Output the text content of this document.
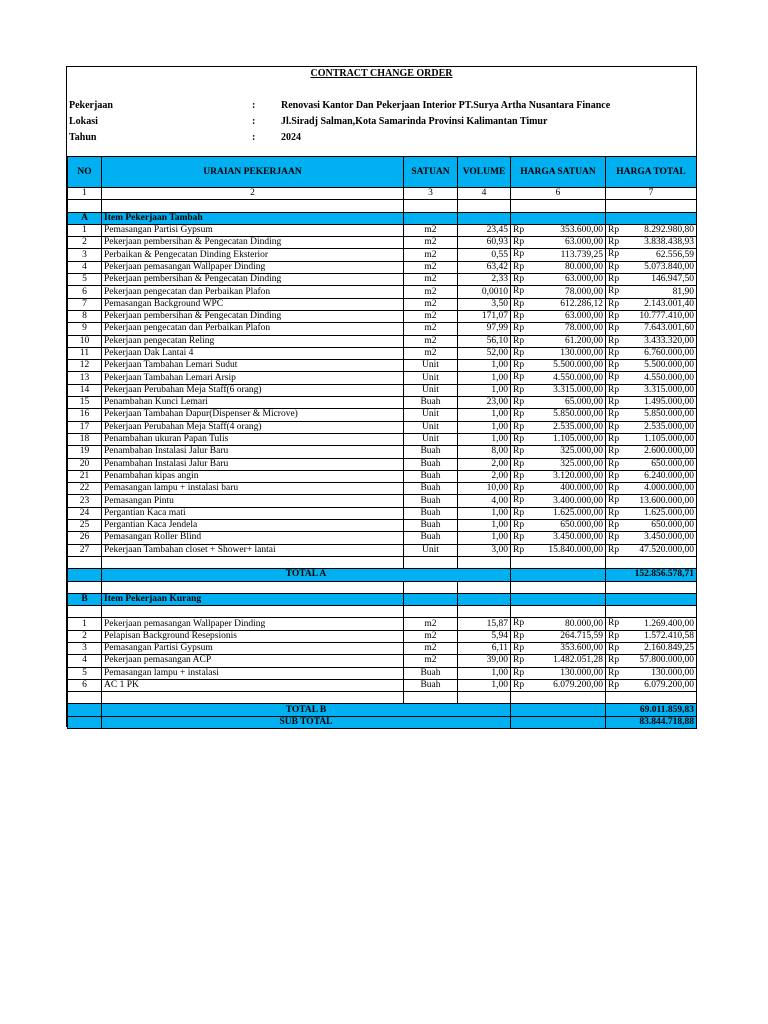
CONTRACT CHANGE ORDER
Pekerjaan	:	Renovasi Kantor Dan Pekerjaan Interior PT.Surya Artha Nusantara Finance
Lokasi	:	Jl.Siradj Salman,Kota Samarinda Provinsi Kalimantan Timur
Tahun	:	2024
NO	URAIAN PEKERJAAN	SATUAN	VOLUME	HARGA SATUAN	HARGA TOTAL
1	2	3	4	6	7

A	Item Pekerjaan Tambah				
1	Pemasangan Partisi Gypsum	m2	23,45	Rp 353.600,00	Rp 8.292.980,80

2	Pekerjaan pembersihan & Pengecatan Dinding	m2	60,93	Rp 63.000,00	Rp 3.838.438,93

3	Perbaikan & Pengecatan Dinding Eksterior	m2	0,55	Rp 113.739,25	Rp 62.556,59

4	Pekerjaan pemasangan Wallpaper Dinding	m2	63,42	Rp 80.000,00	Rp 5.073.840,00

5	Pekerjaan pembersihan & Pengecatan Dinding	m2	2,33	Rp 63.000,00	Rp 146.947,50

6	Pekerjaan pengecatan dan Perbaikan Plafon	m2	0,0010	Rp 78.000,00	Rp 81,90

7	Pemasangan Background WPC	m2	3,50	Rp 612.286,12	Rp 2.143.001,40

8	Pekerjaan pembersihan & Pengecatan Dinding	m2	171,07	Rp 63.000,00	Rp 10.777.410,00

9	Pekerjaan pengecatan dan Perbaikan Plafon	m2	97,99	Rp 78.000,00	Rp 7.643.001,60

10	Pekerjaan pengecatan Reling	m2	56,10	Rp 61.200,00	Rp 3.433.320,00

11	Pekerjaan Dak Lantai 4	m2	52,00	Rp 130.000,00	Rp 6.760.000,00

12	Pekerjaan Tambahan Lemari Sudut	Unit	1,00	Rp 5.500.000,00	Rp 5.500.000,00

13	Pekerjaan Tambahan Lemari Arsip	Unit	1,00	Rp 4.550.000,00	Rp 4.550.000,00

14	Pekerjaan Perubahan Meja Staff(6 orang)	Unit	1,00	Rp 3.315.000,00	Rp 3.315.000,00

15	Penambahan Kunci Lemari	Buah	23,00	Rp 65.000,00	Rp 1.495.000,00

16	Pekerjaan Tambahan Dapur(Dispenser & Microve)	Unit	1,00	Rp 5.850.000,00	Rp 5.850.000,00

17	Pekerjaan Perubahan Meja Staff(4 orang)	Unit	1,00	Rp 2.535.000,00	Rp 2.535.000,00

18	Penambahan ukuran Papan Tulis	Unit	1,00	Rp 1.105.000,00	Rp 1.105.000,00

19	Penambahan Instalasi Jalur Baru	Buah	8,00	Rp 325.000,00	Rp 2.600.000,00

20	Penambahan Instalasi Jalur Baru	Buah	2,00	Rp 325.000,00	Rp 650.000,00

21	Penambahan kipas angin	Buah	2,00	Rp 3.120.000,00	Rp 6.240.000,00

22	Pemasangan lampu + instalasi baru	Buah	10,00	Rp 400.000,00	Rp 4.000.000,00

23	Pemasangan Pintu	Buah	4,00	Rp 3.400.000,00	Rp 13.600.000,00

24	Pergantian Kaca mati	Buah	1,00	Rp 1.625.000,00	Rp 1.625.000,00

25	Pergantian Kaca Jendela	Buah	1,00	Rp 650.000,00	Rp 650.000,00

26	Pemasangan Roller Blind	Buah	1,00	Rp 3.450.000,00	Rp 3.450.000,00

27	Pekerjaan Tambahan closet + Shower+ lantai	Unit	3,00	Rp 15.840.000,00	Rp 47.520.000,00

	TOTAL A				152.856.578,71

B	Item Pekerjaan Kurang				

1	Pekerjaan pemasangan Wallpaper Dinding	m2	15,87	Rp 80.000,00	Rp 1.269.400,00

2	Pelapisan Background Resepsionis	m2	5,94	Rp 264.715,59	Rp 1.572.410,58

3	Pemasangan Partisi Gypsum	m2	6,11	Rp 353.600,00	Rp 2.160.849,25

4	Pekerjaan pemasangan ACP	m2	39,00	Rp 1.482.051,28	Rp 57.800.000,00

5	Pemasangan lampu + instalasi	Buah	1,00	Rp 130.000,00	Rp 130.000,00

6	AC 1 PK	Buah	1,00	Rp 6.079.200,00	Rp 6.079.200,00

	TOTAL B				69.011.859,83
	SUB TOTAL				83.844.718,88
